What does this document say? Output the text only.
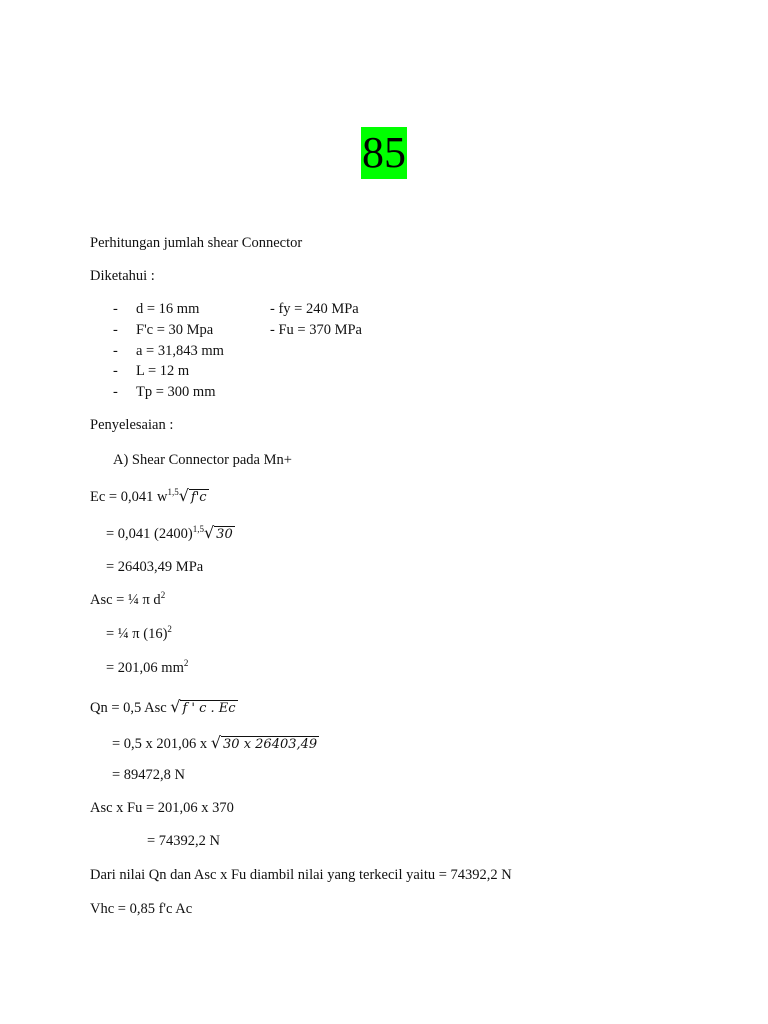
85
Perhitungan jumlah shear Connector
Diketahui :
- d = 16 mm
- F'c = 30 Mpa
- a = 31,843 mm
- L = 12 m
- Tp = 300 mm
- fy = 240 MPa
- Fu = 370 MPa
Penyelesaian :
A) Shear Connector pada Mn+
Ec = 0,041 $w^{1,5}√$ f'c
= 0,041 $(2400)^{1,5}√$ 30
= 26403,49 MPa
Asc = ¼ π $d^2$
= ¼ π $(16)^2$
= 201,06 $mm^2$
Qn = 0,5 Asc √ f ' c . Ec
= 0,5 x 201,06 x √ 30 x 26403,49
= 89472,8 N
Asc x Fu = 201,06 x 370
= 74392,2 N
Dari nilai Qn dan Asc x Fu diambil nilai yang terkecil yaitu = 74392,2 N
Vhc = 0,85 f'c Ac
